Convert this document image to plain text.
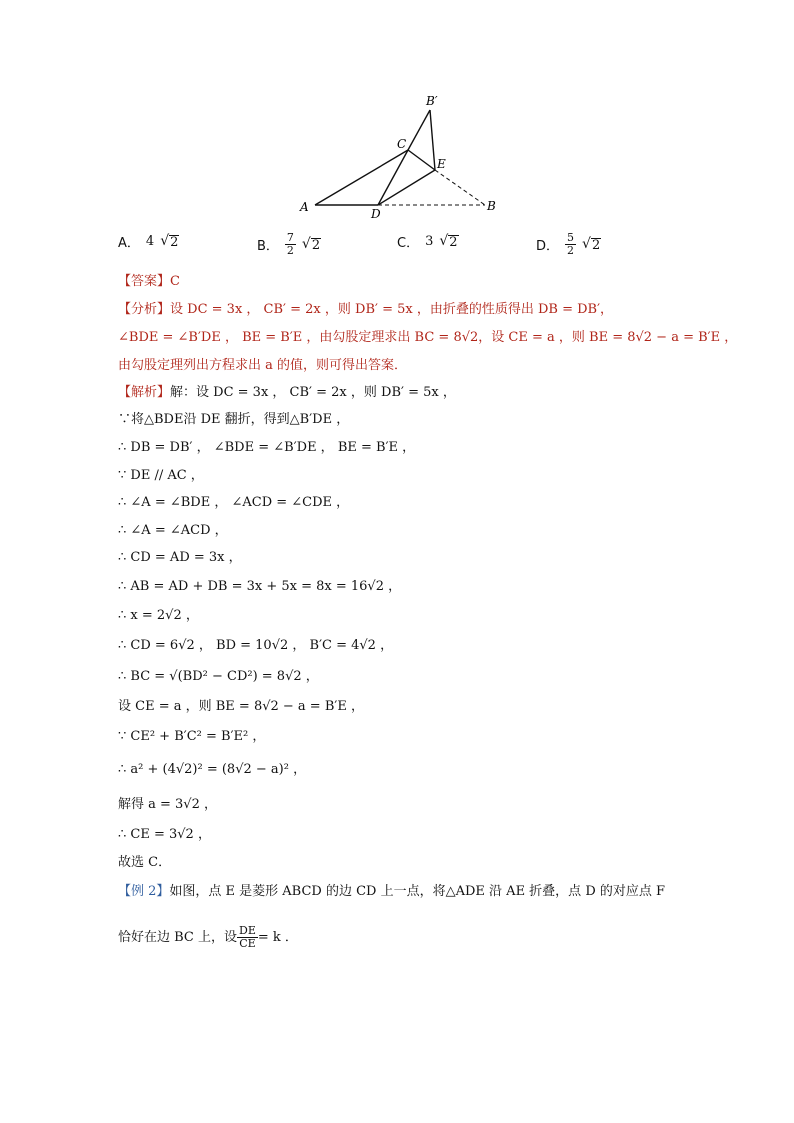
A	D
B
C
E
B′
A． 4 √ 2	B． $\frac{7}{2}$ √ 2	C． 3 √ 2	D． $\frac{5}{2}$ √ 2
【答案】C
【分析】设 DC = 3x ， CB′ = 2x ，则 DB′ = 5x ，由折叠的性质得出 DB = DB′，
∠BDE = ∠B′DE ， BE = B′E ，由勾股定理求出 BC = 8√2，设 CE = a ，则 BE = 8√2 − a = B′E ，
由勾股定理列出方程求出 a 的值，则可得出答案．
【解析】解：设 DC = 3x ， CB′ = 2x ，则 DB′ = 5x ，
∵将△BDE沿 DE 翻折，得到△B′DE ，
∴ DB = DB′ ， ∠BDE = ∠B′DE ， BE = B′E ，
∵ DE // AC ，
∴ ∠A = ∠BDE ， ∠ACD = ∠CDE ，
∴ ∠A = ∠ACD ，
∴ CD = AD = 3x ，
∴ AB = AD + DB = 3x + 5x = 8x = 16√2 ，
∴ x = 2√2 ，
∴ CD = 6√2 ， BD = 10√2 ， B′C = 4√2 ，
∴ BC = √(BD² − CD²) = 8√2 ，
设 CE = a ，则 BE = 8√2 − a = B′E ，
∵ CE² + B′C² = B′E² ，
∴ a² + (4√2)² = (8√2 − a)² ，
解得 a = 3√2 ，
∴ CE = 3√2 ，
故选 C．
【例 2】如图，点 E 是菱形 ABCD 的边 CD 上一点，将△ADE 沿 AE 折叠，点 D 的对应点 F
恰好在边 BC 上，设 $\frac{DE}{CE} = k$ ．
